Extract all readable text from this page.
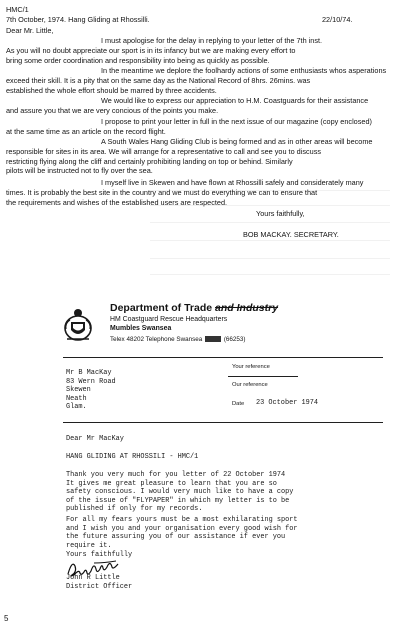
HMC/1
7th October, 1974. Hang Gliding at Rhossilli.	22/10/74.
Dear Mr. Little,
I must apologise for the delay in replying to your letter of the 7th inst.
As you will no doubt appreciate our sport is in its infancy but we are making every effort to
bring some order coordination and responsibility into being as quickly as possible.
In the meantime we deplore the foolhardy actions of some enthusiasts whos asperations
exceed their skill. It is a pity that on the same day as the National Record of 8hrs. 26mins. was
established the whole effort should be marred by three accidents.
We would like to express our appreciation to H.M. Coastguards for their assistance
and assure you that we are very concious of the points you make.
I propose to print your letter in full in the next issue of our magazine (copy enclosed)
at the same time as an article on the record flight.
A South Wales Hang Gliding Club is being formed and as in other areas will become
responsible for sites in its area. We will arrange for a representative to call and see you to discuss
restricting flying along the cliff and certainly prohibiting landing on top or behind. Similarly
pilots will be instructed not to fly over the sea.
I myself live in Skewen and have flown at Rhossilli safely and considerately many
times. It is probably the best site in the country and we must do everything we can to ensure that
the requirements and wishes of the established users are respected.
Yours faithfully,
BOB MACKAY. SECRETARY.
Department of Trade and Industry
HM Coastguard Rescue Headquarters
Mumbles Swansea
Telex 48202 Telephone Swansea	(66253)
Mr B MacKay
83 Wern Road
Skewen
Neath
Glam.
Your reference
Our reference
Date 23 October 1974
Dear Mr MacKay
HANG GLIDING AT RHOSSILI - HMC/1
Thank you very much for you letter of 22 October 1974
It gives me great pleasure to learn that you are so
safety conscious. I would very much like to have a copy
of the issue of "FLYPAPER" in which my letter is to be
published if only for my records.
For all my fears yours must be a most exhilarating sport
and I wish you and your organisation every good wish for
the future assuring you of our assistance if ever you
require it.
Yours faithfully
John R Little
District Officer
5
